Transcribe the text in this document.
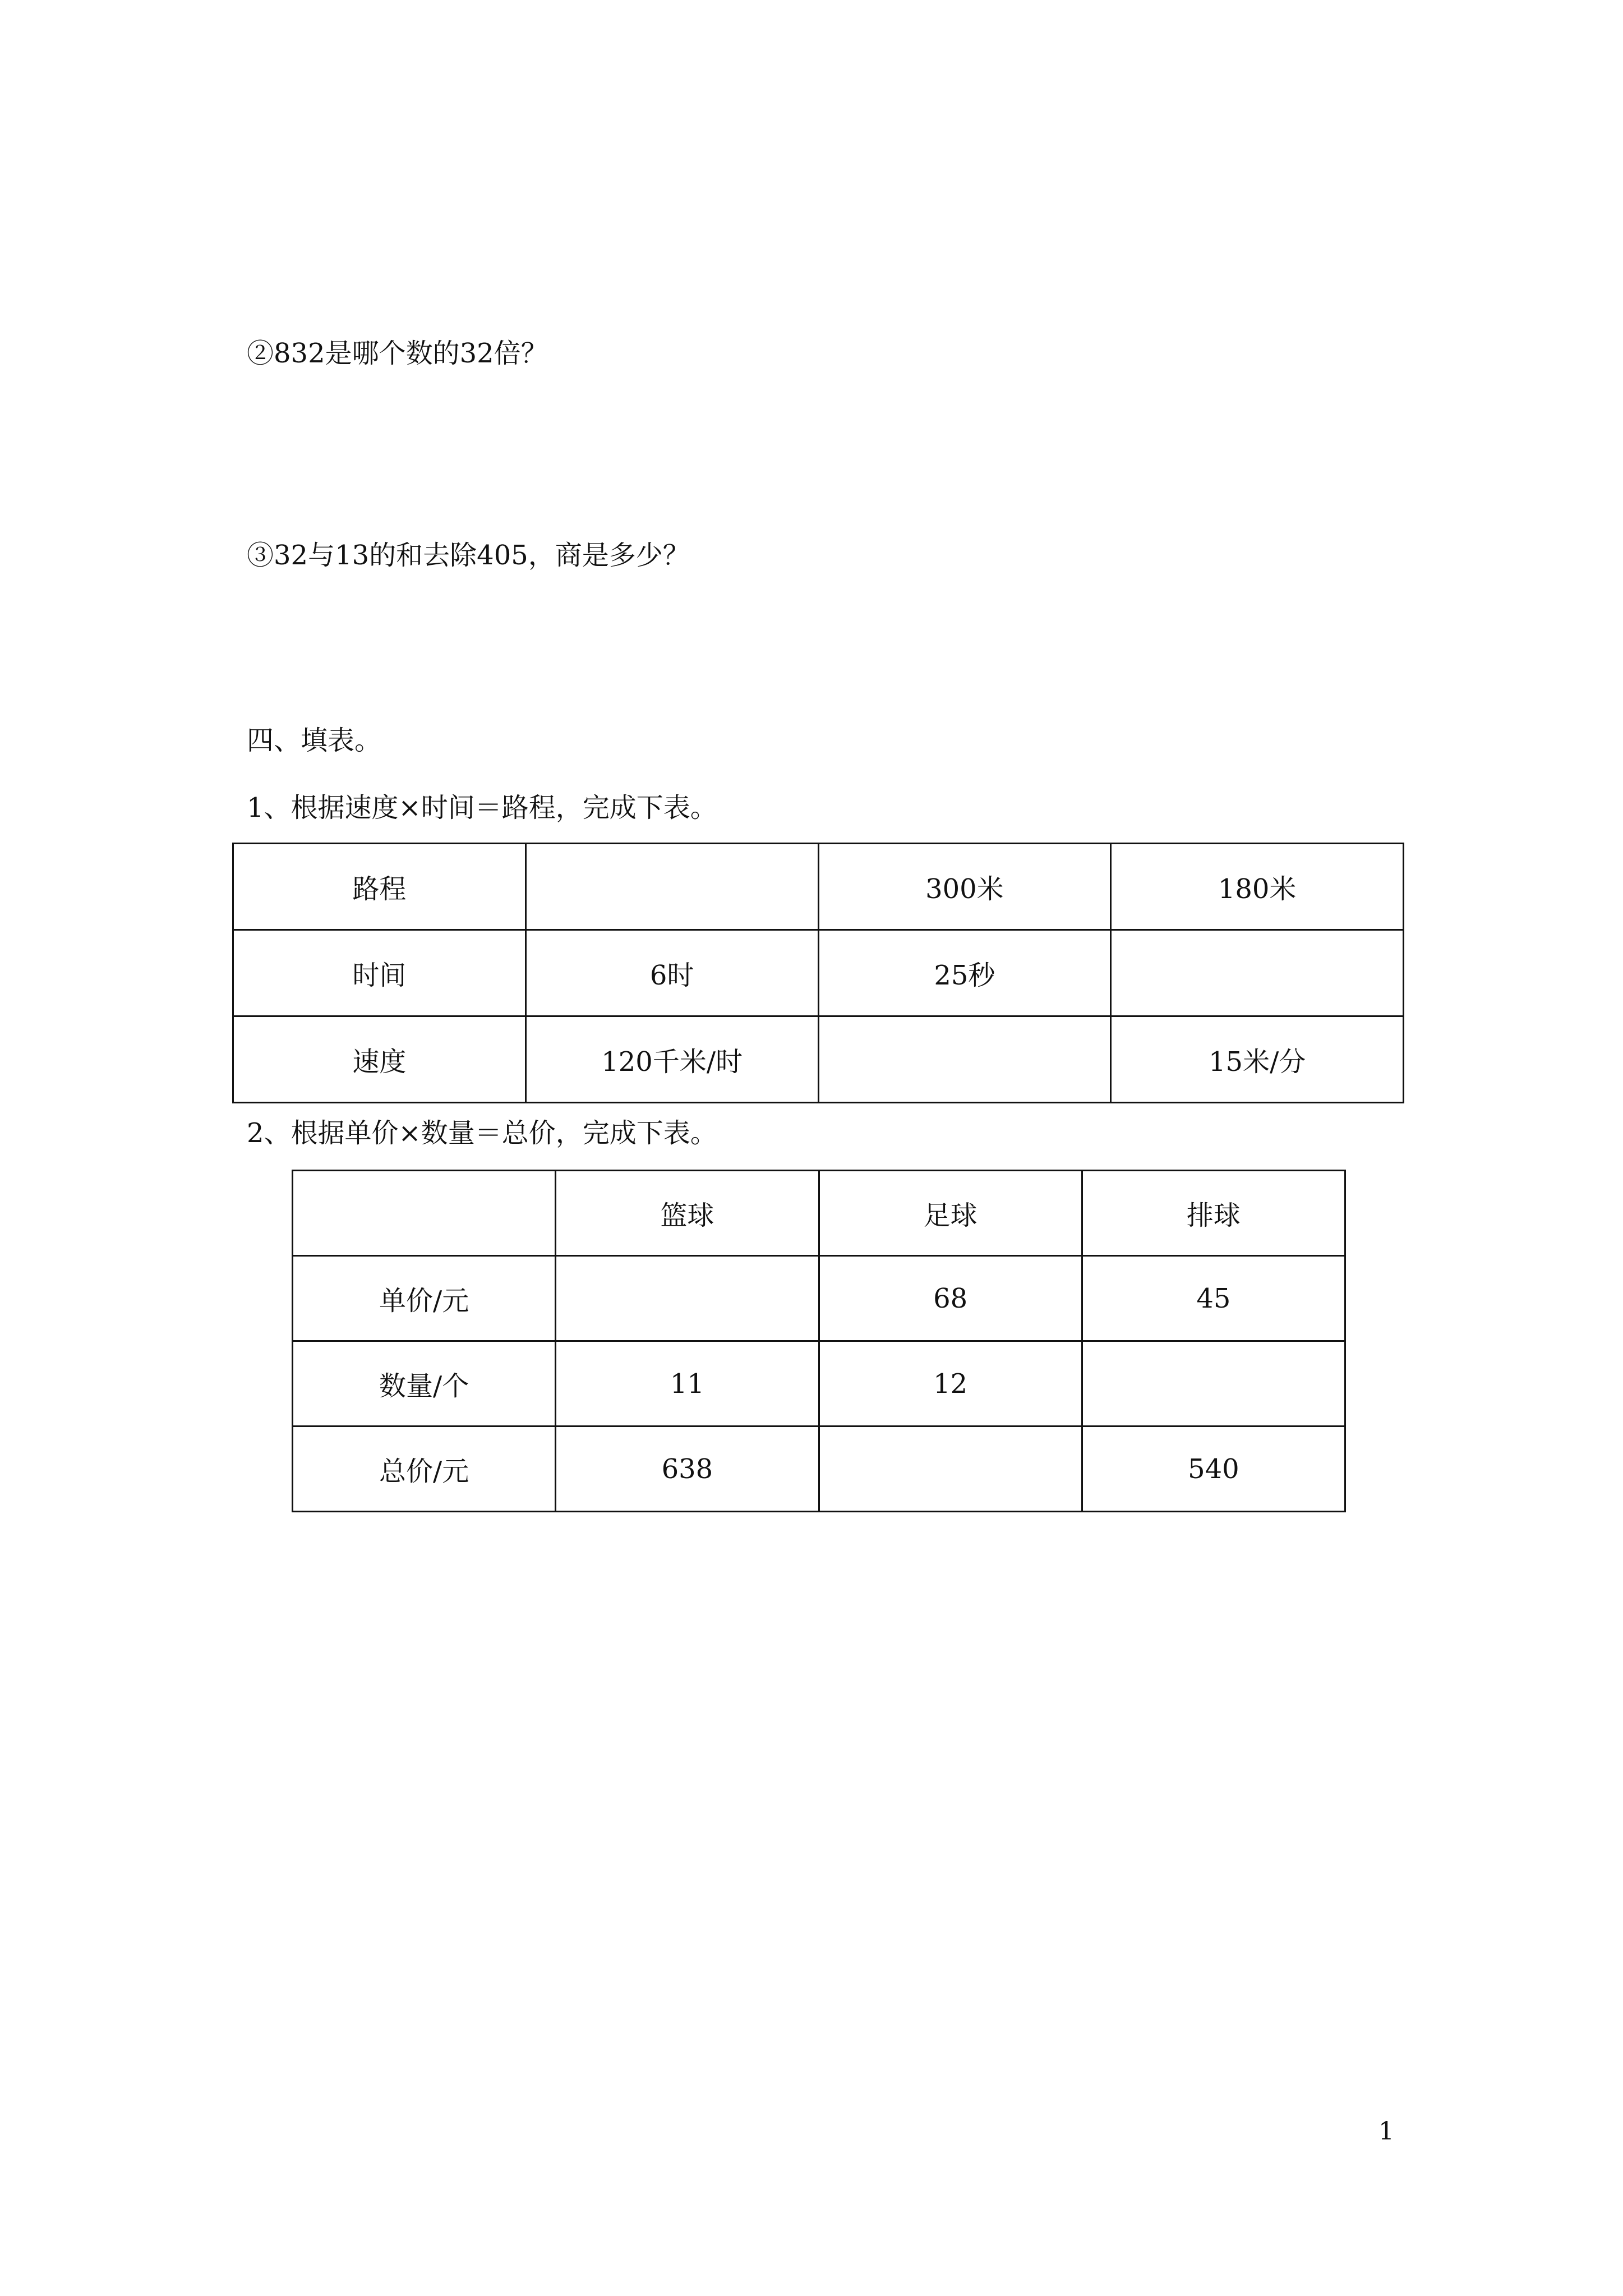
②832是哪个数的32倍？
③32与13的和去除405，商是多少？
四、填表。
1、根据速度×时间＝路程，完成下表。
路程		300米	180米
时间	6时	25秒	
速度	120千米/时		15米/分
2、根据单价×数量＝总价，完成下表。
	篮球	足球	排球
单价/元		68	45
数量/个	11	12	
总价/元	638		540
1
